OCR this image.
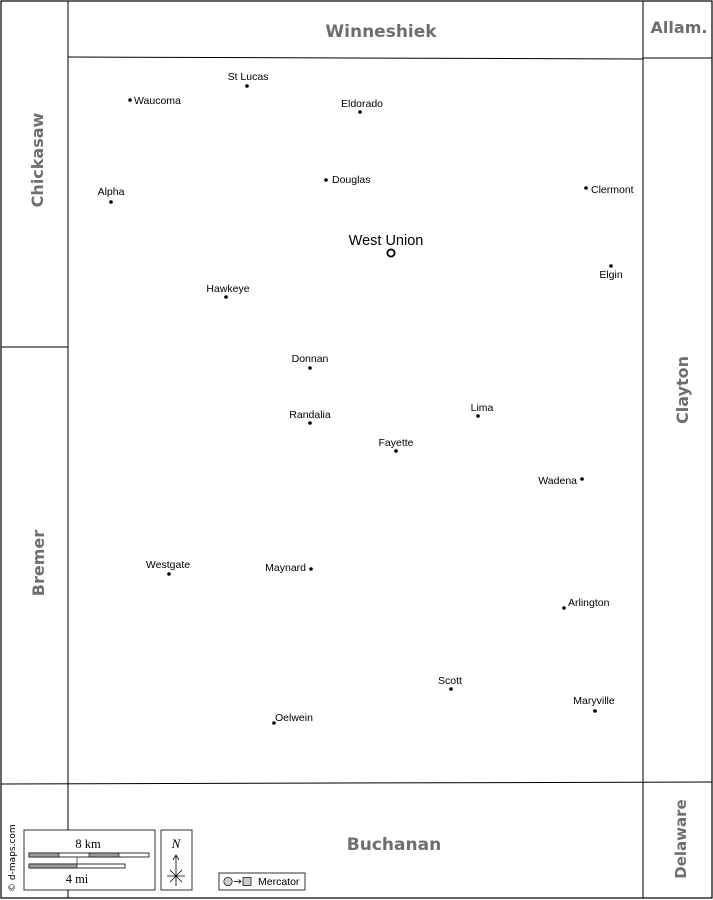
Winneshiek	Allam.
Chickasaw
Bremer
Clayton
Buchanan	Delaware
West Union
St Lucas
Waucoma	Eldorado
Douglas
Alpha	Clermont
Elgin
Hawkeye
Donnan
Randalia
Lima
Fayette
Wadena
Westgate	Maynard
Arlington
Scott
Maryville
Oelwein
© d-maps.com	8 km
4 mi
N
Mercator
